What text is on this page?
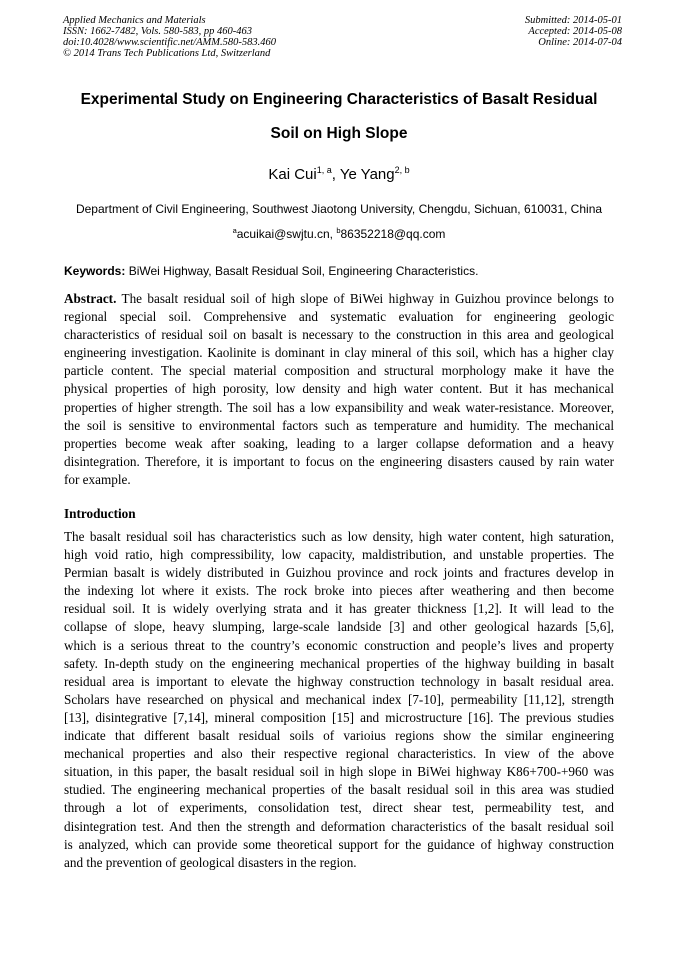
Applied Mechanics and Materials
ISSN: 1662-7482, Vols. 580-583, pp 460-463
doi:10.4028/www.scientific.net/AMM.580-583.460
© 2014 Trans Tech Publications Ltd, Switzerland
Submitted: 2014-05-01
Accepted: 2014-05-08
Online: 2014-07-04
Experimental Study on Engineering Characteristics of Basalt Residual
Soil on High Slope
Kai Cui$^{1, a}$, Ye Yang$^{2, b}$
Department of Civil Engineering, Southwest Jiaotong University, Chengdu, Sichuan, 610031, China
$^a$acuikai@swjtu.cn, $^b$86352218@qq.com
Keywords: BiWei Highway, Basalt Residual Soil, Engineering Characteristics.
Abstract. The basalt residual soil of high slope of BiWei highway in Guizhou province belongs to
regional special soil. Comprehensive and systematic evaluation for engineering geologic
characteristics of residual soil on basalt is necessary to the construction in this area and geological
engineering investigation. Kaolinite is dominant in clay mineral of this soil, which has a higher clay
particle content. The special material composition and structural morphology make it have the
physical properties of high porosity, low density and high water content. But it has mechanical
properties of higher strength. The soil has a low expansibility and weak water-resistance. Moreover,
the soil is sensitive to environmental factors such as temperature and humidity. The mechanical
properties become weak after soaking, leading to a larger collapse deformation and a heavy
disintegration. Therefore, it is important to focus on the engineering disasters caused by rain water
for example.
Introduction
The basalt residual soil has characteristics such as low density, high water content, high saturation,
high void ratio, high compressibility, low capacity, maldistribution, and unstable properties. The
Permian basalt is widely distributed in Guizhou province and rock joints and fractures develop in
the indexing lot where it exists. The rock broke into pieces after weathering and then become
residual soil. It is widely overlying strata and it has greater thickness [1,2]. It will lead to the
collapse of slope, heavy slumping, large-scale landside [3] and other geological hazards [5,6],
which is a serious threat to the country’s economic construction and people’s lives and property
safety. In-depth study on the engineering mechanical properties of the highway building in basalt
residual area is important to elevate the highway construction technology in basalt residual area.
Scholars have researched on physical and mechanical index [7-10], permeability [11,12], strength
[13], disintegrative [7,14], mineral composition [15] and microstructure [16]. The previous studies
indicate that different basalt residual soils of varioius regions show the similar engineering
mechanical properties and also their respective regional characteristics. In view of the above
situation, in this paper, the basalt residual soil in high slope in BiWei highway K86+700-+960 was
studied. The engineering mechanical properties of the basalt residual soil in this area was studied
through a lot of experiments, consolidation test, direct shear test, permeability test, and
disintegration test. And then the strength and deformation characteristics of the basalt residual soil
is analyzed, which can provide some theoretical support for the guidance of highway construction
and the prevention of geological disasters in the region.
